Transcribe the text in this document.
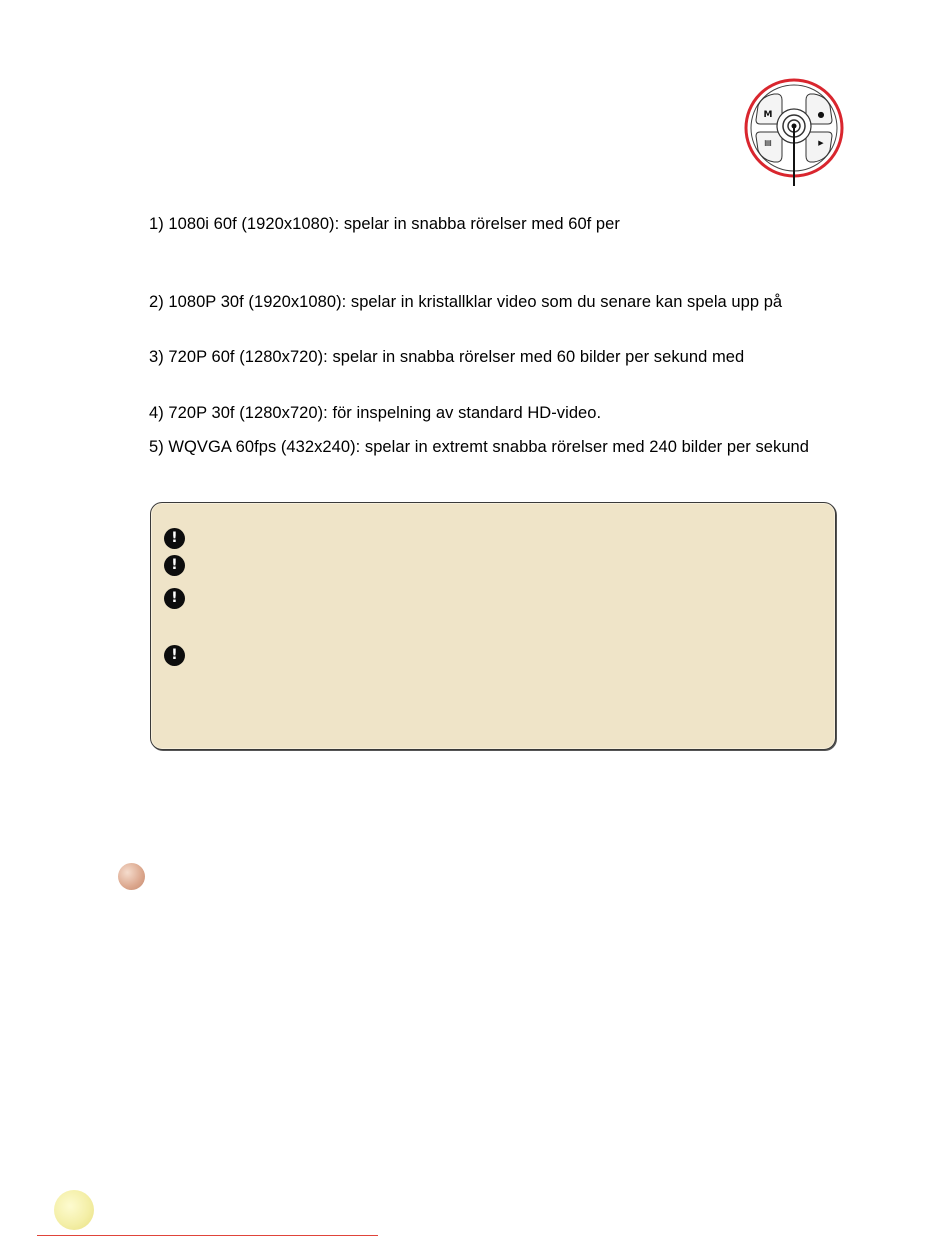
M	●
▤	▶
1) 1080i 60f (1920x1080): spelar in snabba rörelser med 60f per
2) 1080P 30f (1920x1080): spelar in kristallklar video som du senare kan spela upp på
3) 720P 60f (1280x720): spelar in snabba rörelser med 60 bilder per sekund med
4) 720P 30f (1280x720): för inspelning av standard HD-video.
5) WQVGA 60fps (432x240): spelar in extremt snabba rörelser med 240 bilder per sekund
!
!
!
!
